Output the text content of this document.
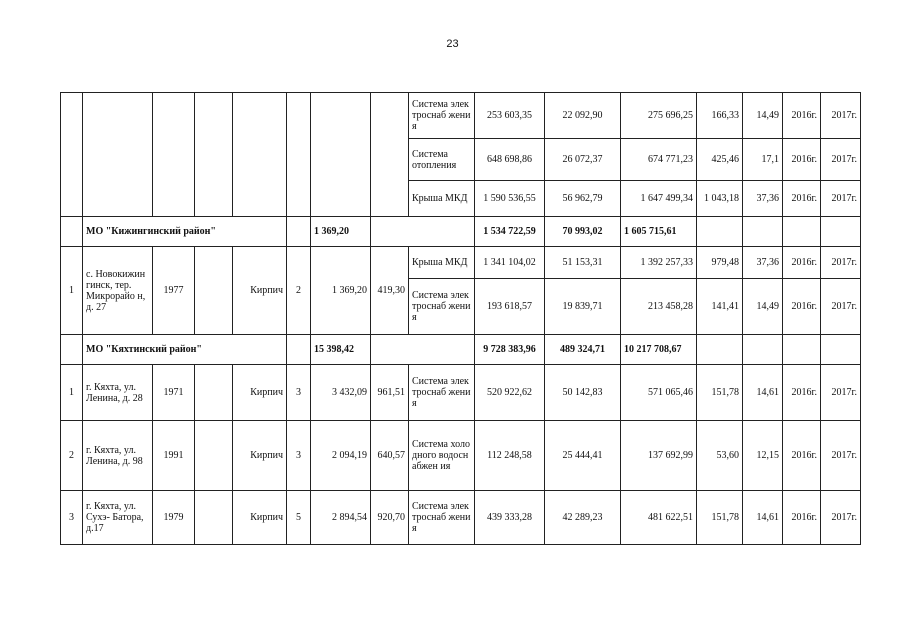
23
								Система электроснаб жения	253 603,35	22 092,90	275 696,25	166,33	14,49	2016г.	2017г.
								Система отопления	648 698,86	26 072,37	674 771,23	425,46	17,1	2016г.	2017г.
								Крыша МКД	1 590 536,55	56 962,79	1 647 499,34	1 043,18	37,36	2016г.	2017г.
	МО "Кижингинский район"					1 369,20			1 534 722,59	70 993,02	1 605 715,61				
1	с. Новокижин гинск, тер. Микрорайо н, д. 27	1977		Кирпич	2	1 369,20	419,30	Крыша МКД	1 341 104,02	51 153,31	1 392 257,33	979,48	37,36	2016г.	2017г.
								Система электроснаб жения	193 618,57	19 839,71	213 458,28	141,41	14,49	2016г.	2017г.
	МО "Кяхтинский район"					15 398,42			9 728 383,96	489 324,71	10 217 708,67				
1	г. Кяхта, ул. Ленина, д. 28	1971		Кирпич	3	3 432,09	961,51	Система электроснаб жения	520 922,62	50 142,83	571 065,46	151,78	14,61	2016г.	2017г.
2	г. Кяхта, ул. Ленина, д. 98	1991		Кирпич	3	2 094,19	640,57	Система холодного водоснабжен ия	112 248,58	25 444,41	137 692,99	53,60	12,15	2016г.	2017г.
3	г. Кяхта, ул. Сухэ- Батора, д.17	1979		Кирпич	5	2 894,54	920,70	Система электроснаб жения	439 333,28	42 289,23	481 622,51	151,78	14,61	2016г.	2017г.
